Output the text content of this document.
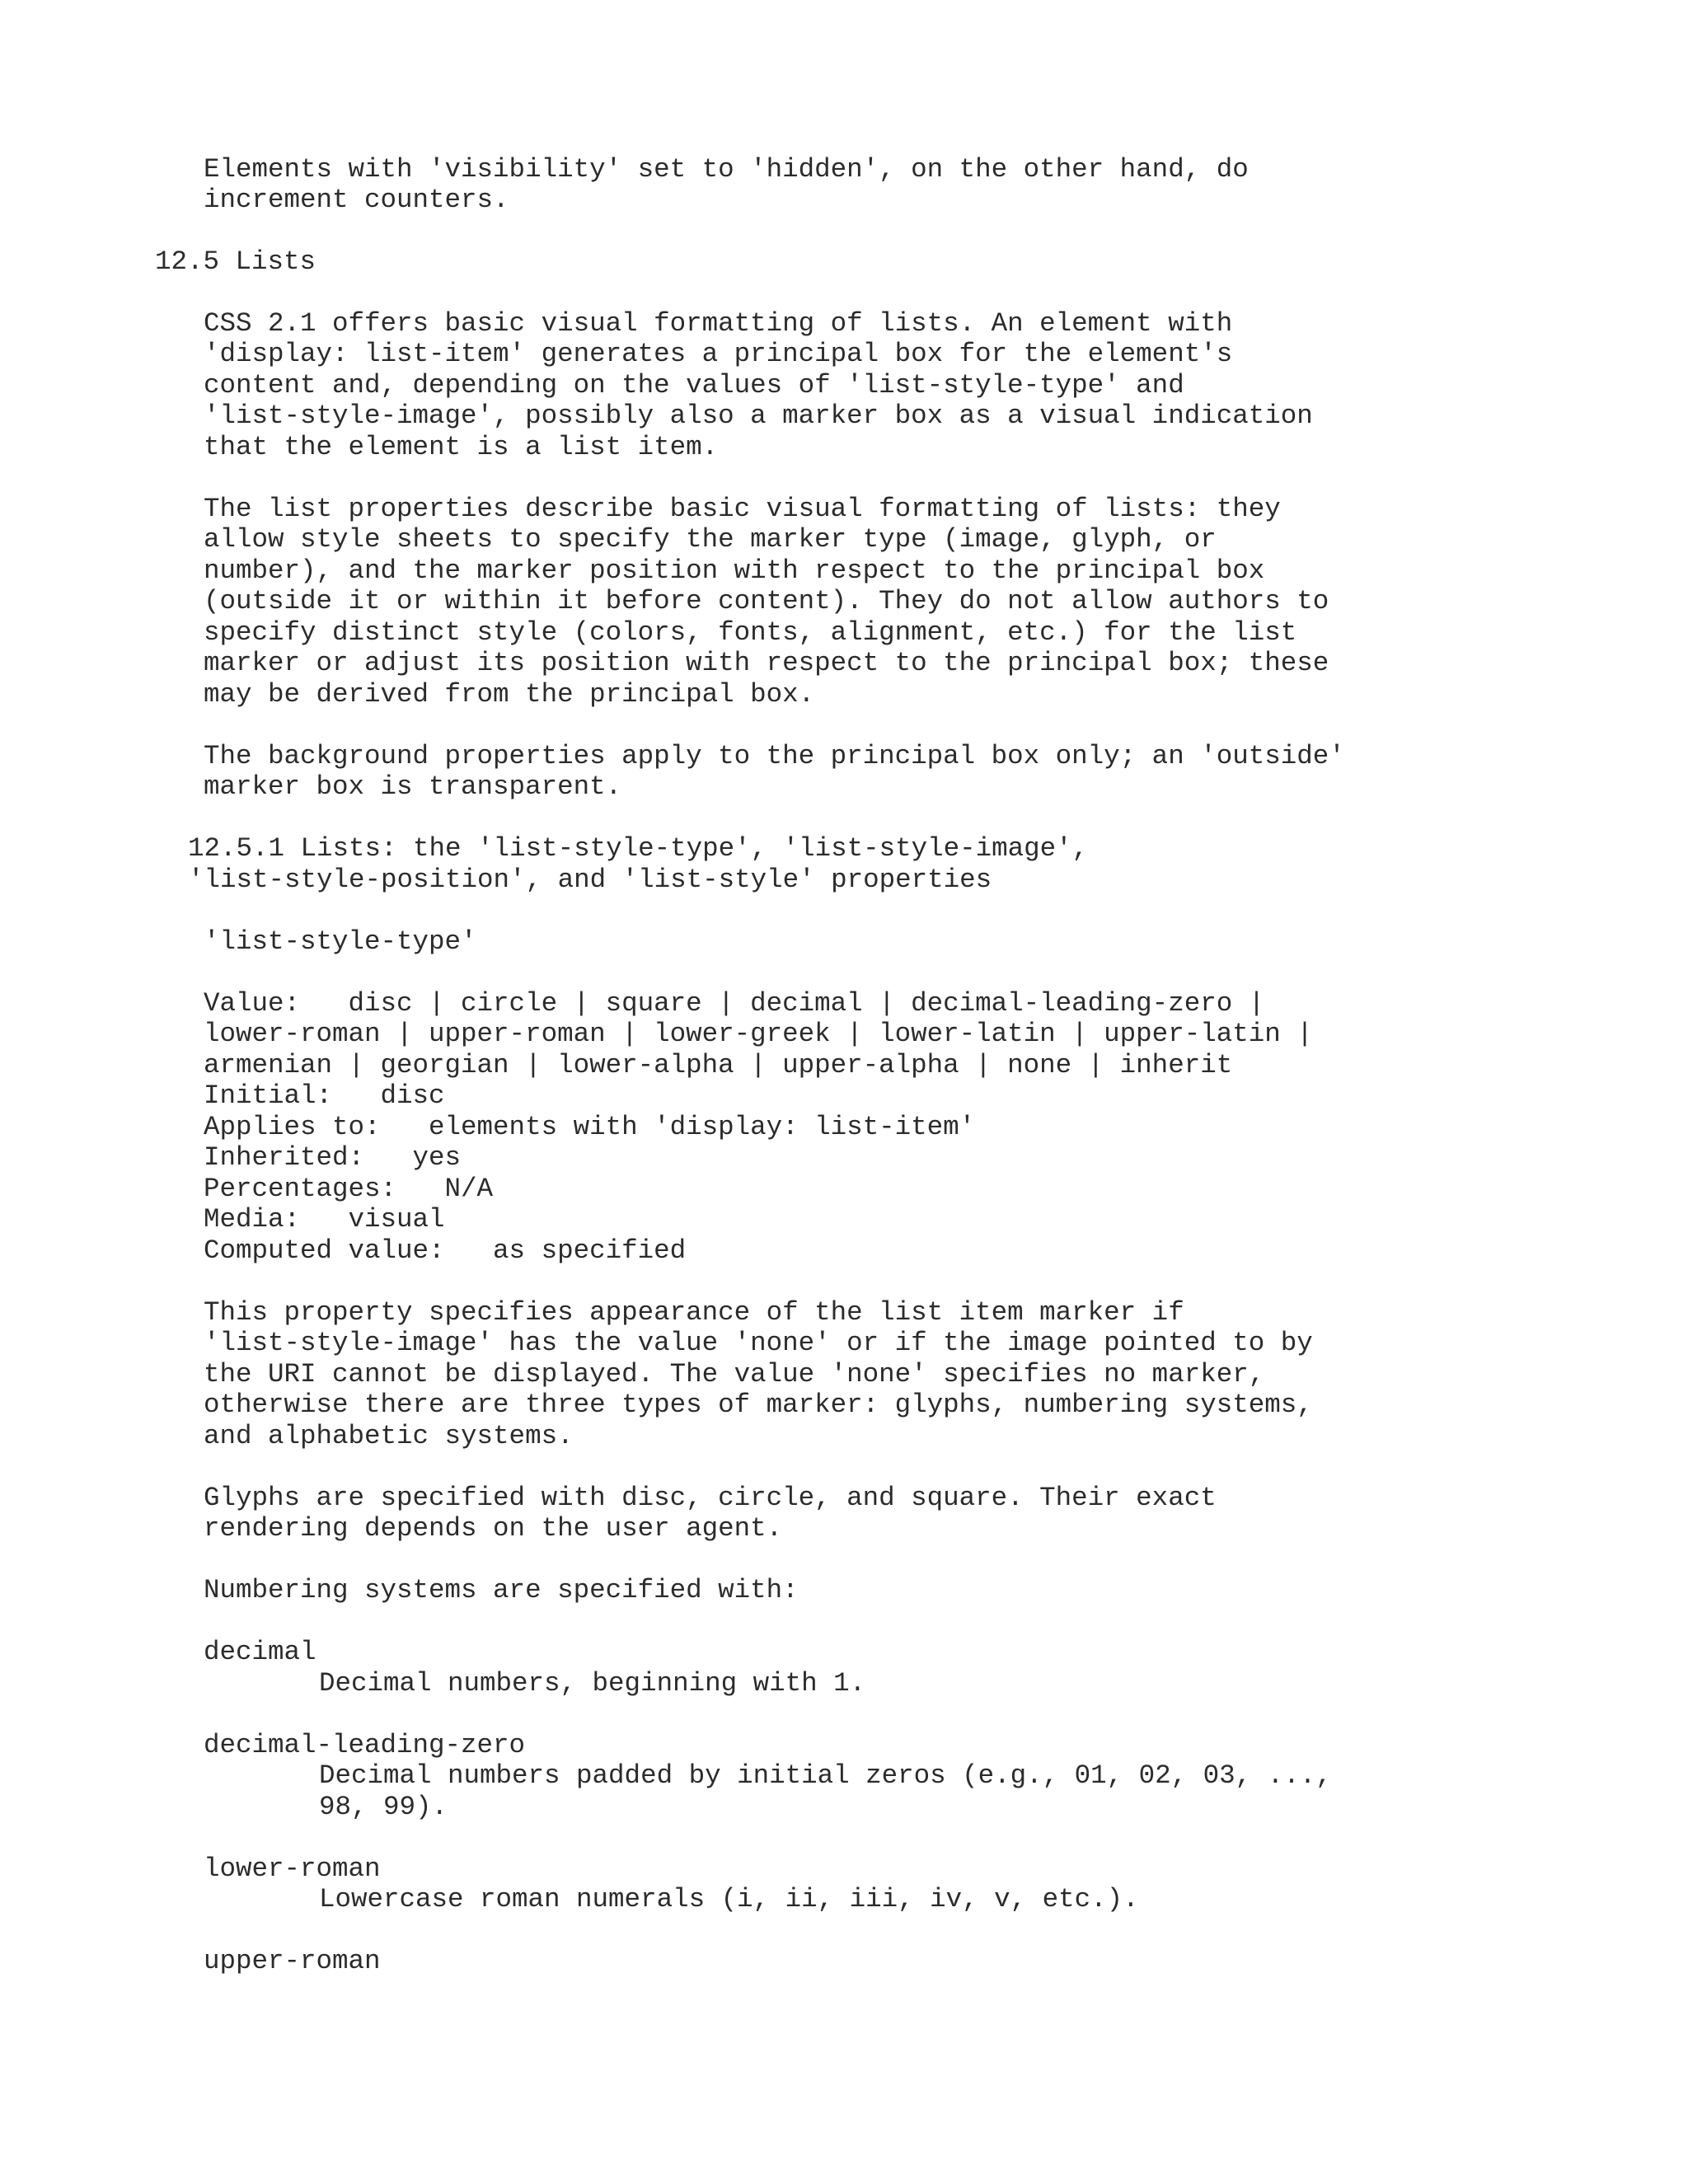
Elements with 'visibility' set to 'hidden', on the other hand, do
increment counters.
12.5 Lists
CSS 2.1 offers basic visual formatting of lists. An element with
'display: list-item' generates a principal box for the element's
content and, depending on the values of 'list-style-type' and
'list-style-image', possibly also a marker box as a visual indication
that the element is a list item.
The list properties describe basic visual formatting of lists: they
allow style sheets to specify the marker type (image, glyph, or
number), and the marker position with respect to the principal box
(outside it or within it before content). They do not allow authors to
specify distinct style (colors, fonts, alignment, etc.) for the list
marker or adjust its position with respect to the principal box; these
may be derived from the principal box.
The background properties apply to the principal box only; an 'outside'
marker box is transparent.
12.5.1 Lists: the 'list-style-type', 'list-style-image',
'list-style-position', and 'list-style' properties
'list-style-type'
Value:   disc | circle | square | decimal | decimal-leading-zero |
lower-roman | upper-roman | lower-greek | lower-latin | upper-latin |
armenian | georgian | lower-alpha | upper-alpha | none | inherit
Initial:   disc
Applies to:   elements with 'display: list-item'
Inherited:   yes
Percentages:   N/A
Media:   visual
Computed value:   as specified
This property specifies appearance of the list item marker if
'list-style-image' has the value 'none' or if the image pointed to by
the URI cannot be displayed. The value 'none' specifies no marker,
otherwise there are three types of marker: glyphs, numbering systems,
and alphabetic systems.
Glyphs are specified with disc, circle, and square. Their exact
rendering depends on the user agent.
Numbering systems are specified with:
decimal
Decimal numbers, beginning with 1.
decimal-leading-zero
Decimal numbers padded by initial zeros (e.g., 01, 02, 03, ...,
98, 99).
lower-roman
Lowercase roman numerals (i, ii, iii, iv, v, etc.).
upper-roman
